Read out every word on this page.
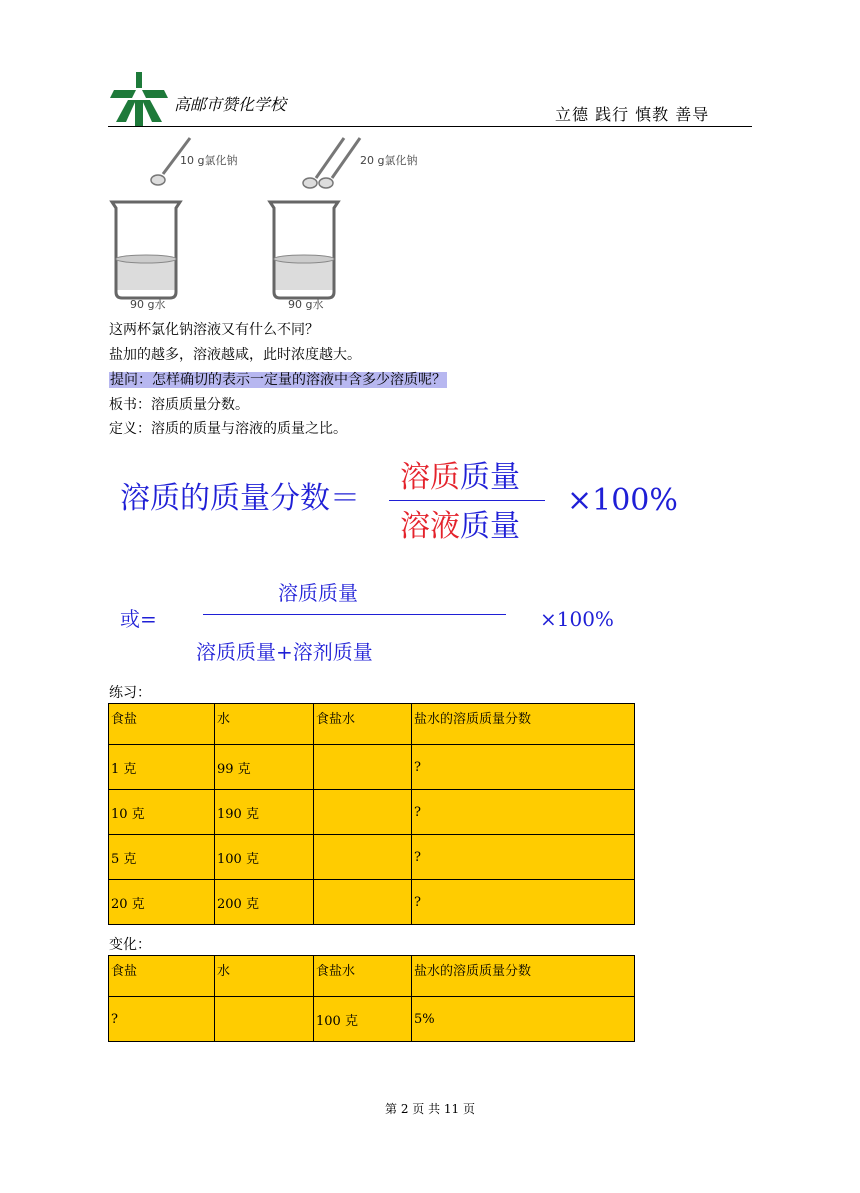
高邮市赞化学校
立德 践行 慎教 善导
10 g氯化钠
90 g水
20 g氯化钠
90 g水
这两杯氯化钠溶液又有什么不同？
盐加的越多，溶液越咸，此时浓度越大。
提问：怎样确切的表示一定量的溶液中含多少溶质呢？
板书：溶质质量分数。
定义：溶质的质量与溶液的质量之比。
溶质的质量分数＝
溶质质量
溶液质量
×100%
或=
溶质质量
溶质质量+溶剂质量
×100%
练习：
食盐	水	食盐水	盐水的溶质质量分数
1 克	99 克		?
10 克	190 克		?
5 克	100 克		?
20 克	200 克		?
变化：
食盐	水	食盐水	盐水的溶质质量分数
?		100 克	5%
第 2 页 共 11 页
